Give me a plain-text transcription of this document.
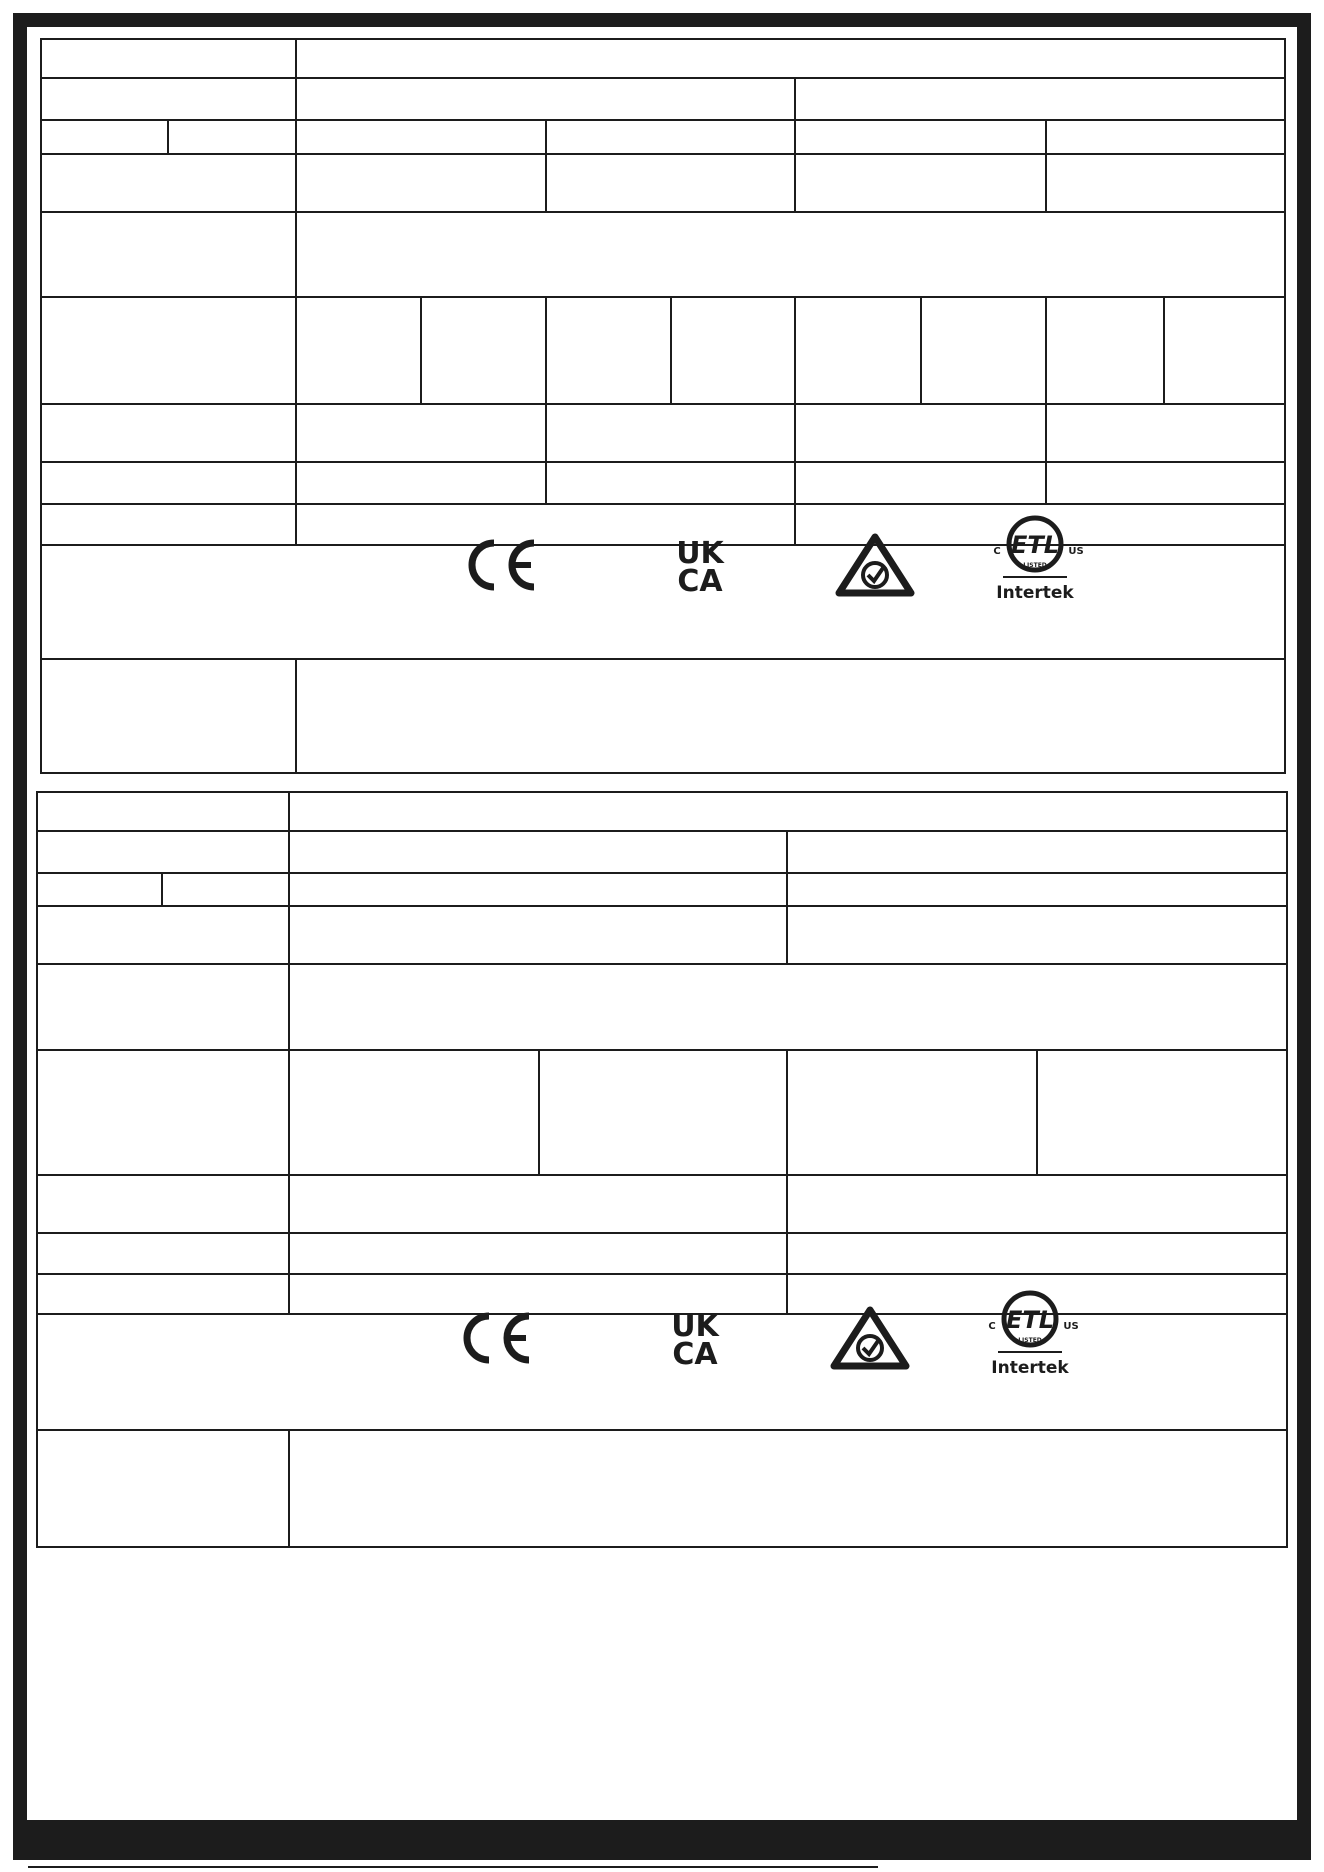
UK
CA
ETL
LISTED
C	US
Intertek
UK
CA
ETL
LISTED
C	US
Intertek
